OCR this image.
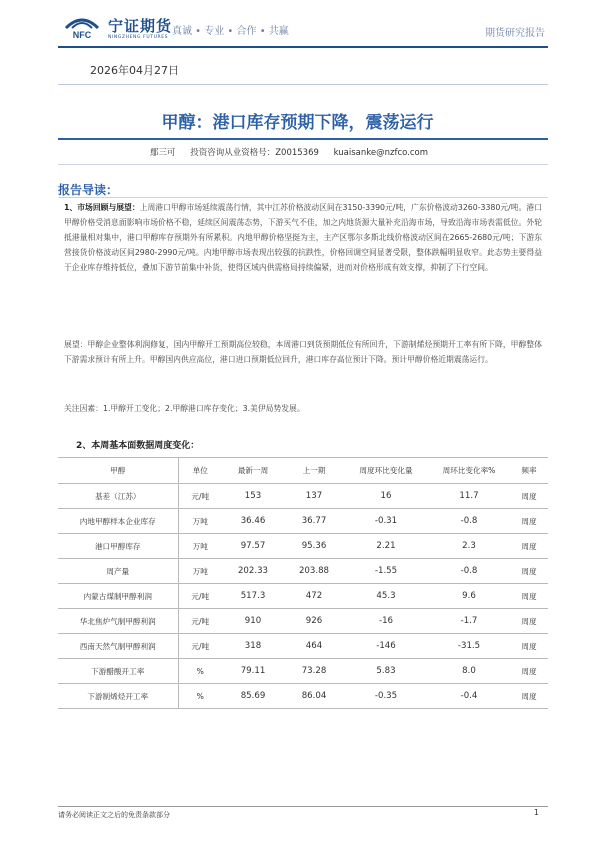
NFC 宁证期货
NINGZHENG FUTURES
真诚 • 专业 • 合作 • 共赢	期货研究报告
2026年04月27日
甲醇：港口库存预期下降，震荡运行
鄢三可 投资咨询从业资格号：Z0015369 kuaisanke@nzfco.com
报告导读：
1、市场回顾与展望：上周港口甲醇市场延续震荡行情，其中江苏价格波动区间在3150-3390元/吨，广东价格波动3260-3380元/吨。港口甲醇价格受消息面影响市场价格不稳，延续区间震荡态势，下游买气不佳，加之内地货源大量补充沿海市场，导致沿海市场表需低位。外轮抵港量相对集中，港口甲醇库存预期外有所累积。内地甲醇价格坚挺为主，主产区鄂尔多斯北线价格波动区间在2665-2680元/吨；下游东营接货价格波动区间2980-2990元/吨。内地甲醇市场表现出较强的抗跌性，价格回调空间显著受限，整体跌幅明显收窄。此态势主要得益于企业库存维持低位，叠加下游节前集中补货，使得区域内供需格局持续偏紧，进而对价格形成有效支撑，抑制了下行空间。
展望：甲醇企业整体利润修复，国内甲醇开工预期高位较稳，本周港口到货预期低位有所回升，下游制烯烃预期开工率有所下降，甲醇整体下游需求预计有所上升。甲醇国内供应高位，港口进口预期低位回升，港口库存高位预计下降。预计甲醇价格近期震荡运行。
关注因素：1.甲醇开工变化；2.甲醇港口库存变化；3.美伊局势发展。
2、本周基本面数据周度变化：
甲醇	单位	最新一周	上一期	周度环比变化量	周环比变化率%	频率
基差（江苏）	元/吨	153	137	16	11.7	周度
内地甲醇样本企业库存	万吨	36.46	36.77	-0.31	-0.8	周度
港口甲醇库存	万吨	97.57	95.36	2.21	2.3	周度
周产量	万吨	202.33	203.88	-1.55	-0.8	周度
内蒙古煤制甲醇利润	元/吨	517.3	472	45.3	9.6	周度
华北焦炉气制甲醇利润	元/吨	910	926	-16	-1.7	周度
西南天然气制甲醇利润	元/吨	318	464	-146	-31.5	周度
下游醋酸开工率	%	79.11	73.28	5.83	8.0	周度
下游制烯烃开工率	%	85.69	86.04	-0.35	-0.4	周度
请务必阅读正文之后的免责条款部分	1
